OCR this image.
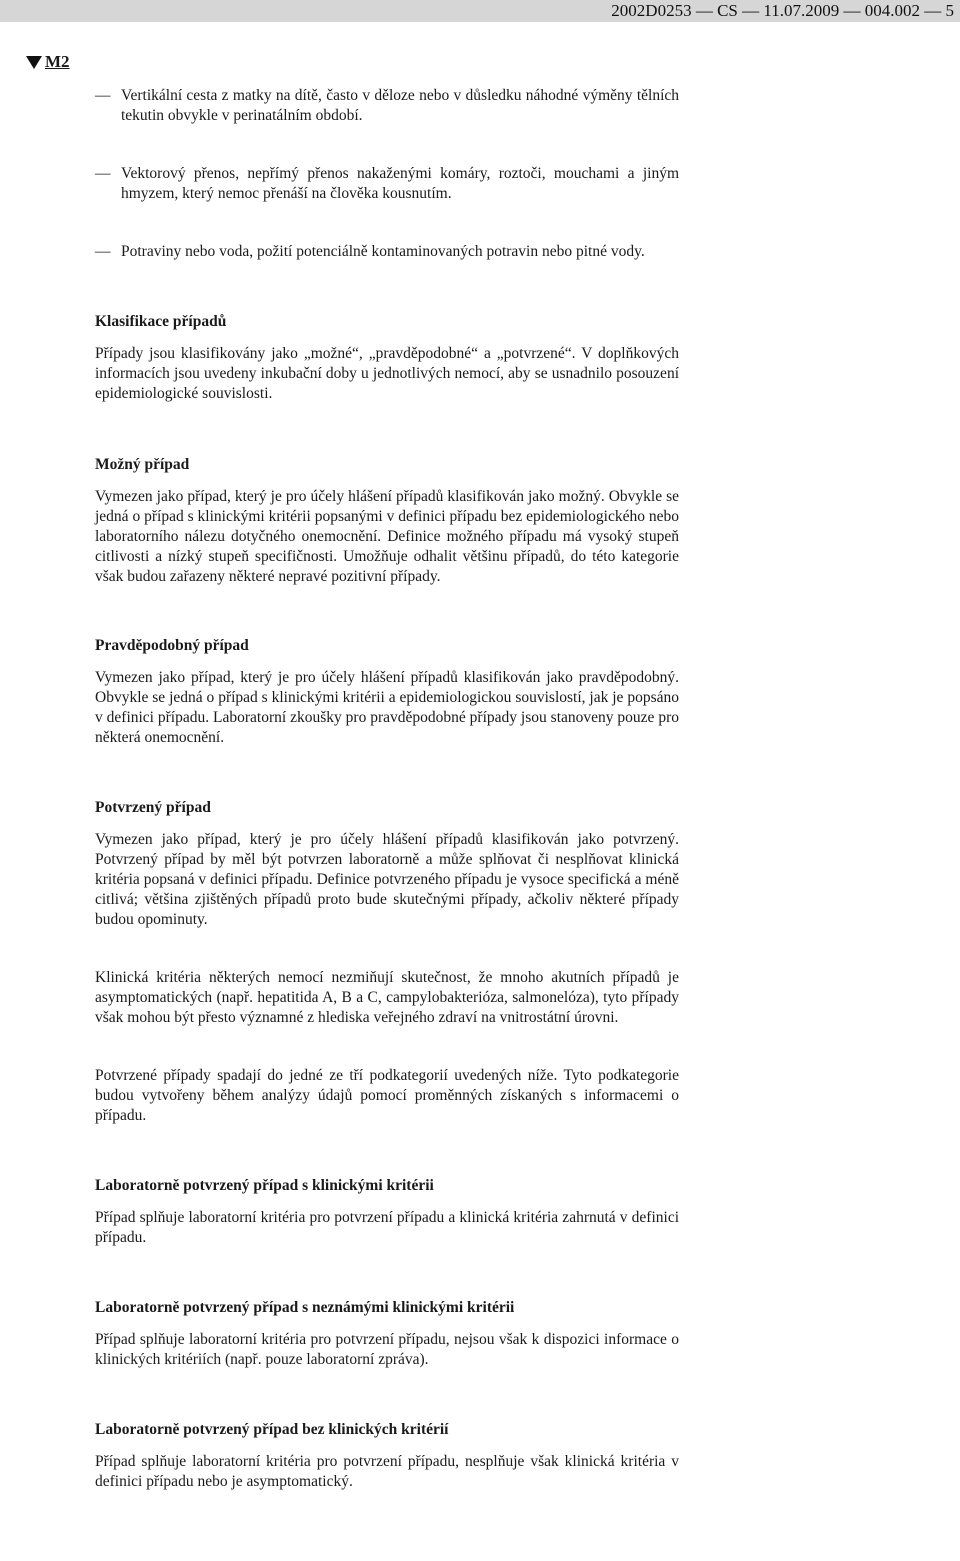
2002D0253 — CS — 11.07.2009 — 004.002 — 5
M2
— Vertikální cesta z matky na dítě, často v děloze nebo v důsledku náhodné výměny tělních tekutin obvykle v perinatálním období.
— Vektorový přenos, nepřímý přenos nakaženými komáry, roztoči, mouchami a jiným hmyzem, který nemoc přenáší na člověka kousnutím.
— Potraviny nebo voda, požití potenciálně kontaminovaných potravin nebo pitné vody.
Klasifikace případů

Případy jsou klasifikovány jako „možné“, „pravděpodobné“ a „potvrzené“. V doplňkových informacích jsou uvedeny inkubační doby u jednotlivých nemocí, aby se usnadnilo posouzení epidemiologické souvislosti.

Možný případ

Vymezen jako případ, který je pro účely hlášení případů klasifikován jako možný. Obvykle se jedná o případ s klinickými kritérii popsanými v definici případu bez epidemiologického nebo laboratorního nálezu dotyčného onemocnění. Definice možného případu má vysoký stupeň citlivosti a nízký stupeň specifičnosti. Umožňuje odhalit většinu případů, do této kategorie však budou zařazeny některé nepravé pozitivní případy.

Pravděpodobný případ

Vymezen jako případ, který je pro účely hlášení případů klasifikován jako pravděpodobný. Obvykle se jedná o případ s klinickými kritérii a epidemiologickou souvislostí, jak je popsáno v definici případu. Laboratorní zkoušky pro pravděpodobné případy jsou stanoveny pouze pro některá onemocnění.

Potvrzený případ

Vymezen jako případ, který je pro účely hlášení případů klasifikován jako potvrzený. Potvrzený případ by měl být potvrzen laboratorně a může splňovat či nesplňovat klinická kritéria popsaná v definici případu. Definice potvrzeného případu je vysoce specifická a méně citlivá; většina zjištěných případů proto bude skutečnými případy, ačkoliv některé případy budou opominuty.

Klinická kritéria některých nemocí nezmiňují skutečnost, že mnoho akutních případů je asymptomatických (např. hepatitida A, B a C, campylobakterióza, salmonelóza), tyto případy však mohou být přesto významné z hlediska veřejného zdraví na vnitrostátní úrovni.

Potvrzené případy spadají do jedné ze tří podkategorií uvedených níže. Tyto podkategorie budou vytvořeny během analýzy údajů pomocí proměnných získaných s informacemi o případu.

Laboratorně potvrzený případ s klinickými kritérii

Případ splňuje laboratorní kritéria pro potvrzení případu a klinická kritéria zahrnutá v definici případu.

Laboratorně potvrzený případ s neznámými klinickými kritérii

Případ splňuje laboratorní kritéria pro potvrzení případu, nejsou však k dispozici informace o klinických kritériích (např. pouze laboratorní zpráva).

Laboratorně potvrzený případ bez klinických kritérií

Případ splňuje laboratorní kritéria pro potvrzení případu, nesplňuje však klinická kritéria v definici případu nebo je asymptomatický.
